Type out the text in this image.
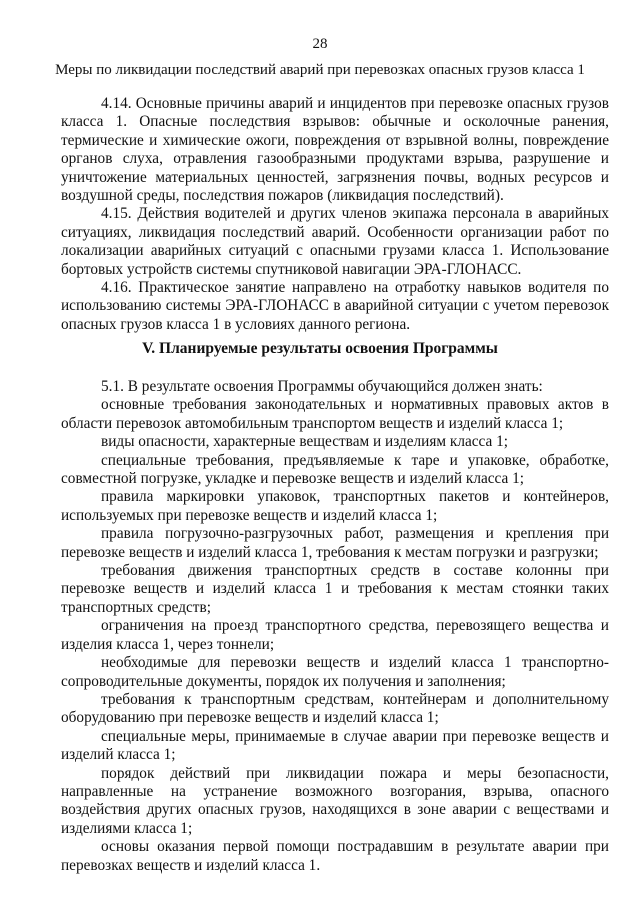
28
Меры по ликвидации последствий аварий при перевозках опасных грузов класса 1

4.14. Основные причины аварий и инцидентов при перевозке опасных грузов класса 1. Опасные последствия взрывов: обычные и осколочные ранения, термические и химические ожоги, повреждения от взрывной волны, повреждение органов слуха, отравления газообразными продуктами взрыва, разрушение и уничтожение материальных ценностей, загрязнения почвы, водных ресурсов и воздушной среды, последствия пожаров (ликвидация последствий).

4.15. Действия водителей и других членов экипажа персонала в аварийных ситуациях, ликвидация последствий аварий. Особенности организации работ по локализации аварийных ситуаций с опасными грузами класса 1. Использование бортовых устройств системы спутниковой навигации ЭРА-ГЛОНАСС.

4.16. Практическое занятие направлено на отработку навыков водителя по использованию системы ЭРА-ГЛОНАСС в аварийной ситуации с учетом перевозок опасных грузов класса 1 в условиях данного региона.

V. Планируемые результаты освоения Программы

5.1. В результате освоения Программы обучающийся должен знать:

основные требования законодательных и нормативных правовых актов в области перевозок автомобильным транспортом веществ и изделий класса 1;

виды опасности, характерные веществам и изделиям класса 1;

специальные требования, предъявляемые к таре и упаковке, обработке, совместной погрузке, укладке и перевозке веществ и изделий класса 1;

правила маркировки упаковок, транспортных пакетов и контейнеров, используемых при перевозке веществ и изделий класса 1;

правила погрузочно-разгрузочных работ, размещения и крепления при перевозке веществ и изделий класса 1, требования к местам погрузки и разгрузки;

требования движения транспортных средств в составе колонны при перевозке веществ и изделий класса 1 и требования к местам стоянки таких транспортных средств;

ограничения на проезд транспортного средства, перевозящего вещества и изделия класса 1, через тоннели;

необходимые для перевозки веществ и изделий класса 1 транспортно-сопроводительные документы, порядок их получения и заполнения;

требования к транспортным средствам, контейнерам и дополнительному оборудованию при перевозке веществ и изделий класса 1;

специальные меры, принимаемые в случае аварии при перевозке веществ и изделий класса 1;

порядок действий при ликвидации пожара и меры безопасности, направленные на устранение возможного возгорания, взрыва, опасного воздействия других опасных грузов, находящихся в зоне аварии с веществами и изделиями класса 1;

основы оказания первой помощи пострадавшим в результате аварии при перевозках веществ и изделий класса 1.
